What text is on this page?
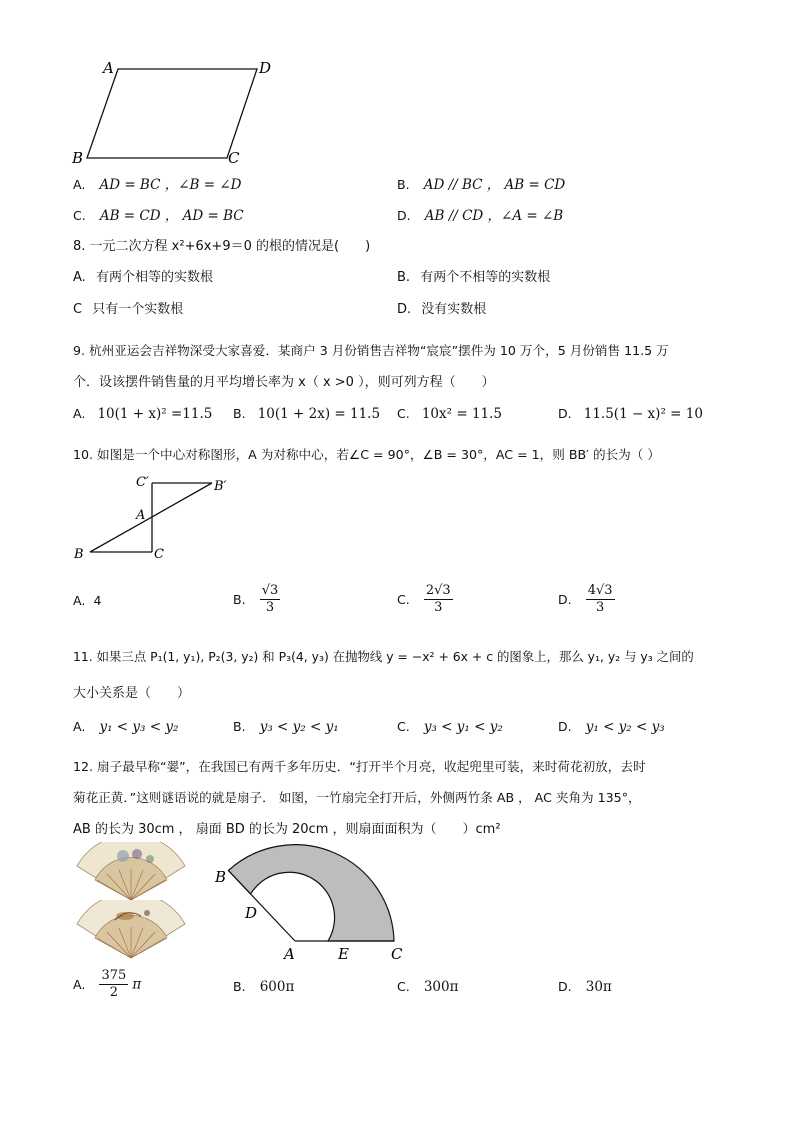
A	D
B	C
A. AD = BC ，∠B = ∠D	B. AD // BC ， AB = CD
C. AB = CD ， AD = BC	D. AB // CD ，∠A = ∠B
8. 一元二次方程 x²+6x+9＝0 的根的情况是(　　)
A. 有两个相等的实数根	B. 有两个不相等的实数根
C 只有一个实数根	D. 没有实数根
9. 杭州亚运会吉祥物深受大家喜爱．某商户 3 月份销售吉祥物“宸宸”摆件为 10 万个，5 月份销售 11.5 万
个．设该摆件销售量的月平均增长率为 x（ x >0 ），则可列方程（　　）
A. 10(1 + x)² =11.5 B. 10(1 + 2x) = 11.5 C. 10x² = 11.5	D. 11.5(1 − x)² = 10
10. 如图是一个中心对称图形，A 为对称中心，若∠C = 90°，∠B = 30°，AC = 1，则 BB′ 的长为（ ）
C′	B′
A
B	C
A. 4	B. $\frac{√3}{3}$	C. $\frac{2√3}{3}$	D. $\frac{4√3}{3}$
11. 如果三点 P₁(1, y₁), P₂(3, y₂) 和 P₃(4, y₃) 在抛物线 y = −x² + 6x + c 的图象上，那么 y₁, y₂ 与 y₃ 之间的
大小关系是（　　）
A. y₁ < y₃ < y₂	B. y₃ < y₂ < y₁	C. y₃ < y₁ < y₂	D. y₁ < y₂ < y₃
12. 扇子最早称“翣”，在我国已有两千多年历史．“打开半个月亮，收起兜里可装，来时荷花初放，去时
菊花正黄．”这则谜语说的就是扇子． 如图，一竹扇完全打开后，外侧两竹条 AB ， AC 夹角为 135°，
AB 的长为 30cm ， 扇面 BD 的长为 20cm ，则扇面面积为（　　）cm²
B
D
A	E	C
A. $\frac{375}{2}$ π	B. 600π	C. 300π	D. 30π
